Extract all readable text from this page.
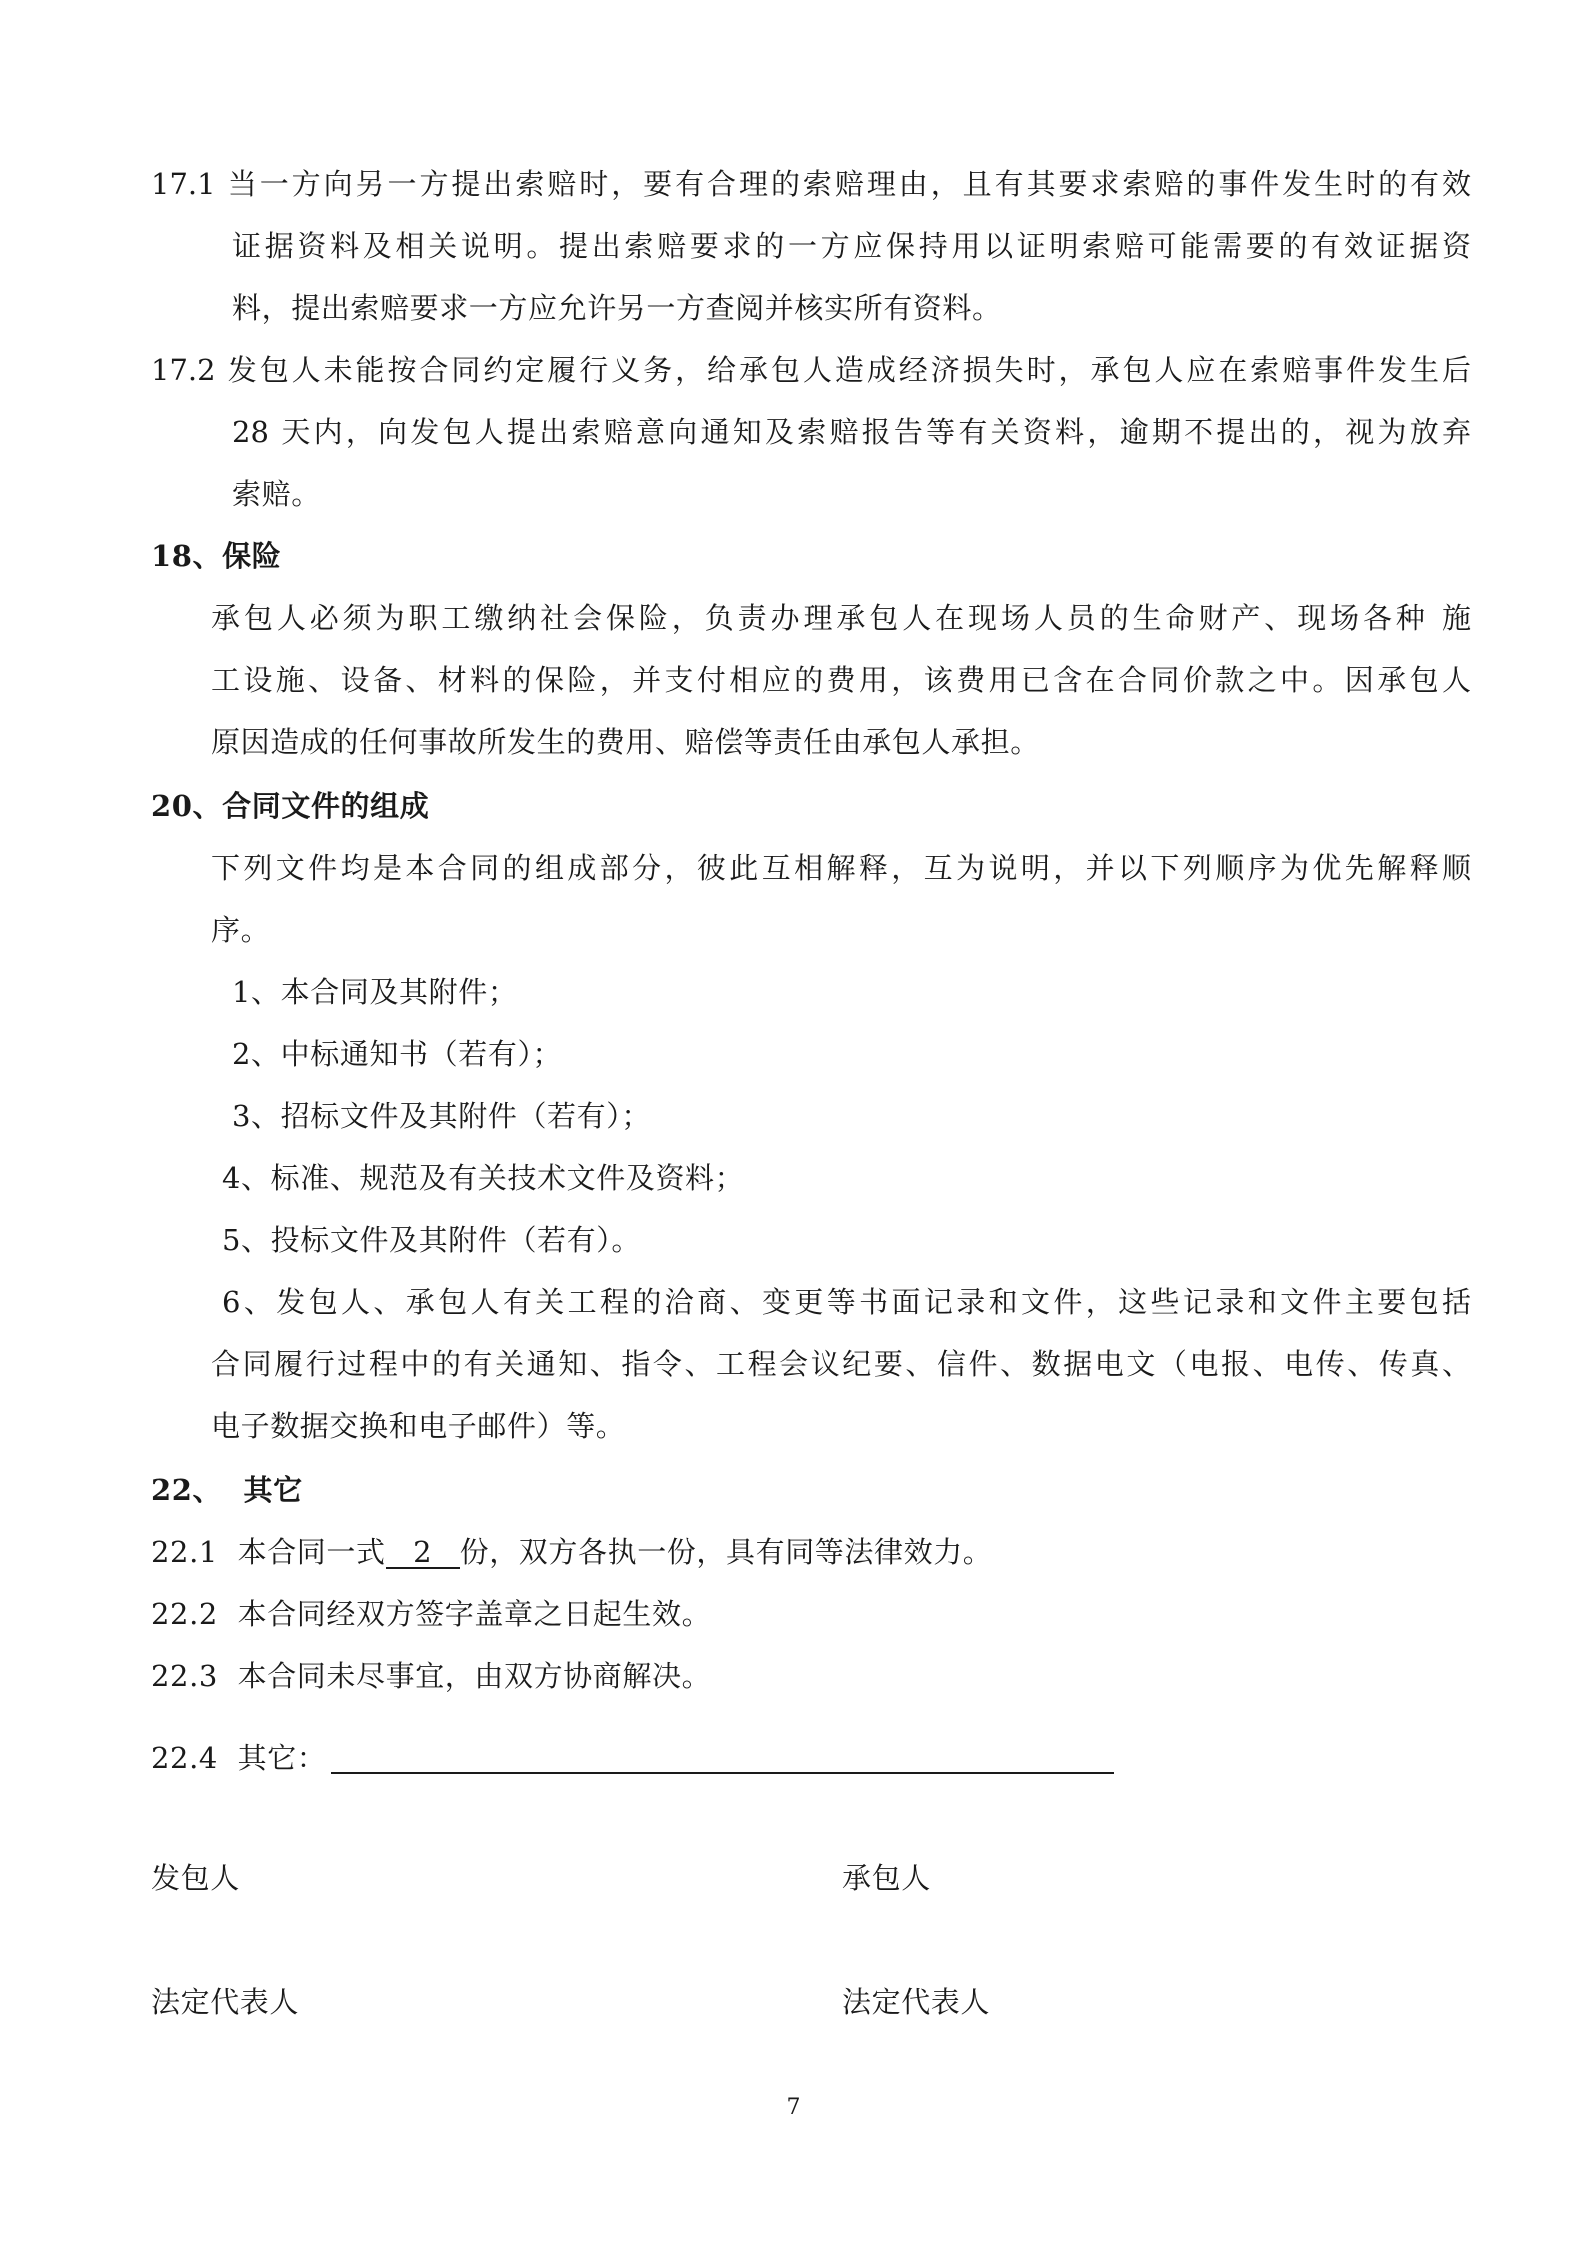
17.1 当一方向另一方提出索赔时，要有合理的索赔理由，且有其要求索赔的事件发生时的有效
证据资料及相关说明。提出索赔要求的一方应保持用以证明索赔可能需要的有效证据资
料，提出索赔要求一方应允许另一方查阅并核实所有资料。
17.2 发包人未能按合同约定履行义务，给承包人造成经济损失时，承包人应在索赔事件发生后
28 天内，向发包人提出索赔意向通知及索赔报告等有关资料，逾期不提出的，视为放弃
索赔。
18、保险
承包人必须为职工缴纳社会保险，负责办理承包人在现场人员的生命财产、现场各种 施
工设施、设备、材料的保险，并支付相应的费用，该费用已含在合同价款之中。因承包人
原因造成的任何事故所发生的费用、赔偿等责任由承包人承担。
20、合同文件的组成
下列文件均是本合同的组成部分，彼此互相解释，互为说明，并以下列顺序为优先解释顺
序。
1、本合同及其附件；
2、中标通知书（若有）；
3、招标文件及其附件（若有）；
4、标准、规范及有关技术文件及资料；
5、投标文件及其附件（若有）。
6、发包人、承包人有关工程的洽商、变更等书面记录和文件，这些记录和文件主要包括
合同履行过程中的有关通知、指令、工程会议纪要、信件、数据电文（电报、电传、传真、
电子数据交换和电子邮件）等。
22、  其它
22.1  本合同一式 2 份，双方各执一份，具有同等法律效力。
22.2  本合同经双方签字盖章之日起生效。
22.3  本合同未尽事宜，由双方协商解决。
22.4  其它：
发包人	承包人
法定代表人	法定代表人
7
